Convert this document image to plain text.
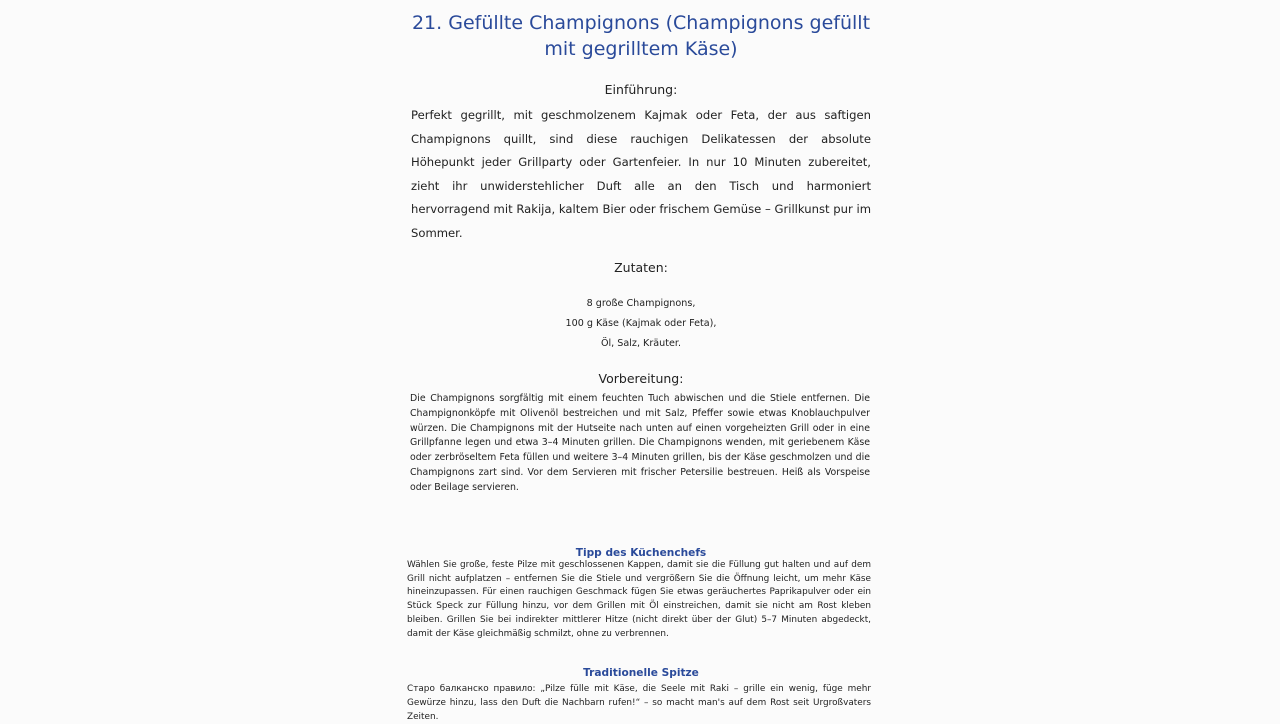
21. Gefüllte Champignons (Champignons gefüllt mit gegrilltem Käse)
Einführung:
Perfekt gegrillt, mit geschmolzenem Kajmak oder Feta, der aus saftigen Champignons quillt, sind diese rauchigen Delikatessen der absolute Höhepunkt jeder Grillparty oder Gartenfeier. In nur 10 Minuten zubereitet, zieht ihr unwiderstehlicher Duft alle an den Tisch und harmoniert hervorragend mit Rakija, kaltem Bier oder frischem Gemüse – Grillkunst pur im Sommer.
Zutaten:
8 große Champignons,
100 g Käse (Kajmak oder Feta),
Öl, Salz, Kräuter.
Vorbereitung:
Die Champignons sorgfältig mit einem feuchten Tuch abwischen und die Stiele entfernen. Die Champignonköpfe mit Olivenöl bestreichen und mit Salz, Pfeffer sowie etwas Knoblauchpulver würzen. Die Champignons mit der Hutseite nach unten auf einen vorgeheizten Grill oder in eine Grillpfanne legen und etwa 3–4 Minuten grillen. Die Champignons wenden, mit geriebenem Käse oder zerbröseltem Feta füllen und weitere 3–4 Minuten grillen, bis der Käse geschmolzen und die Champignons zart sind. Vor dem Servieren mit frischer Petersilie bestreuen. Heiß als Vorspeise oder Beilage servieren.
Tipp des Küchenchefs
Wählen Sie große, feste Pilze mit geschlossenen Kappen, damit sie die Füllung gut halten und auf dem Grill nicht aufplatzen – entfernen Sie die Stiele und vergrößern Sie die Öffnung leicht, um mehr Käse hineinzupassen. Für einen rauchigen Geschmack fügen Sie etwas geräuchertes Paprikapulver oder ein Stück Speck zur Füllung hinzu, vor dem Grillen mit Öl einstreichen, damit sie nicht am Rost kleben bleiben. Grillen Sie bei indirekter mittlerer Hitze (nicht direkt über der Glut) 5–7 Minuten abgedeckt, damit der Käse gleichmäßig schmilzt, ohne zu verbrennen.
Traditionelle Spitze
Старо балканско правило: „Pilze fülle mit Käse, die Seele mit Raki – grille ein wenig, füge mehr Gewürze hinzu, lass den Duft die Nachbarn rufen!“ – so macht man's auf dem Rost seit Urgroßvaters Zeiten.
